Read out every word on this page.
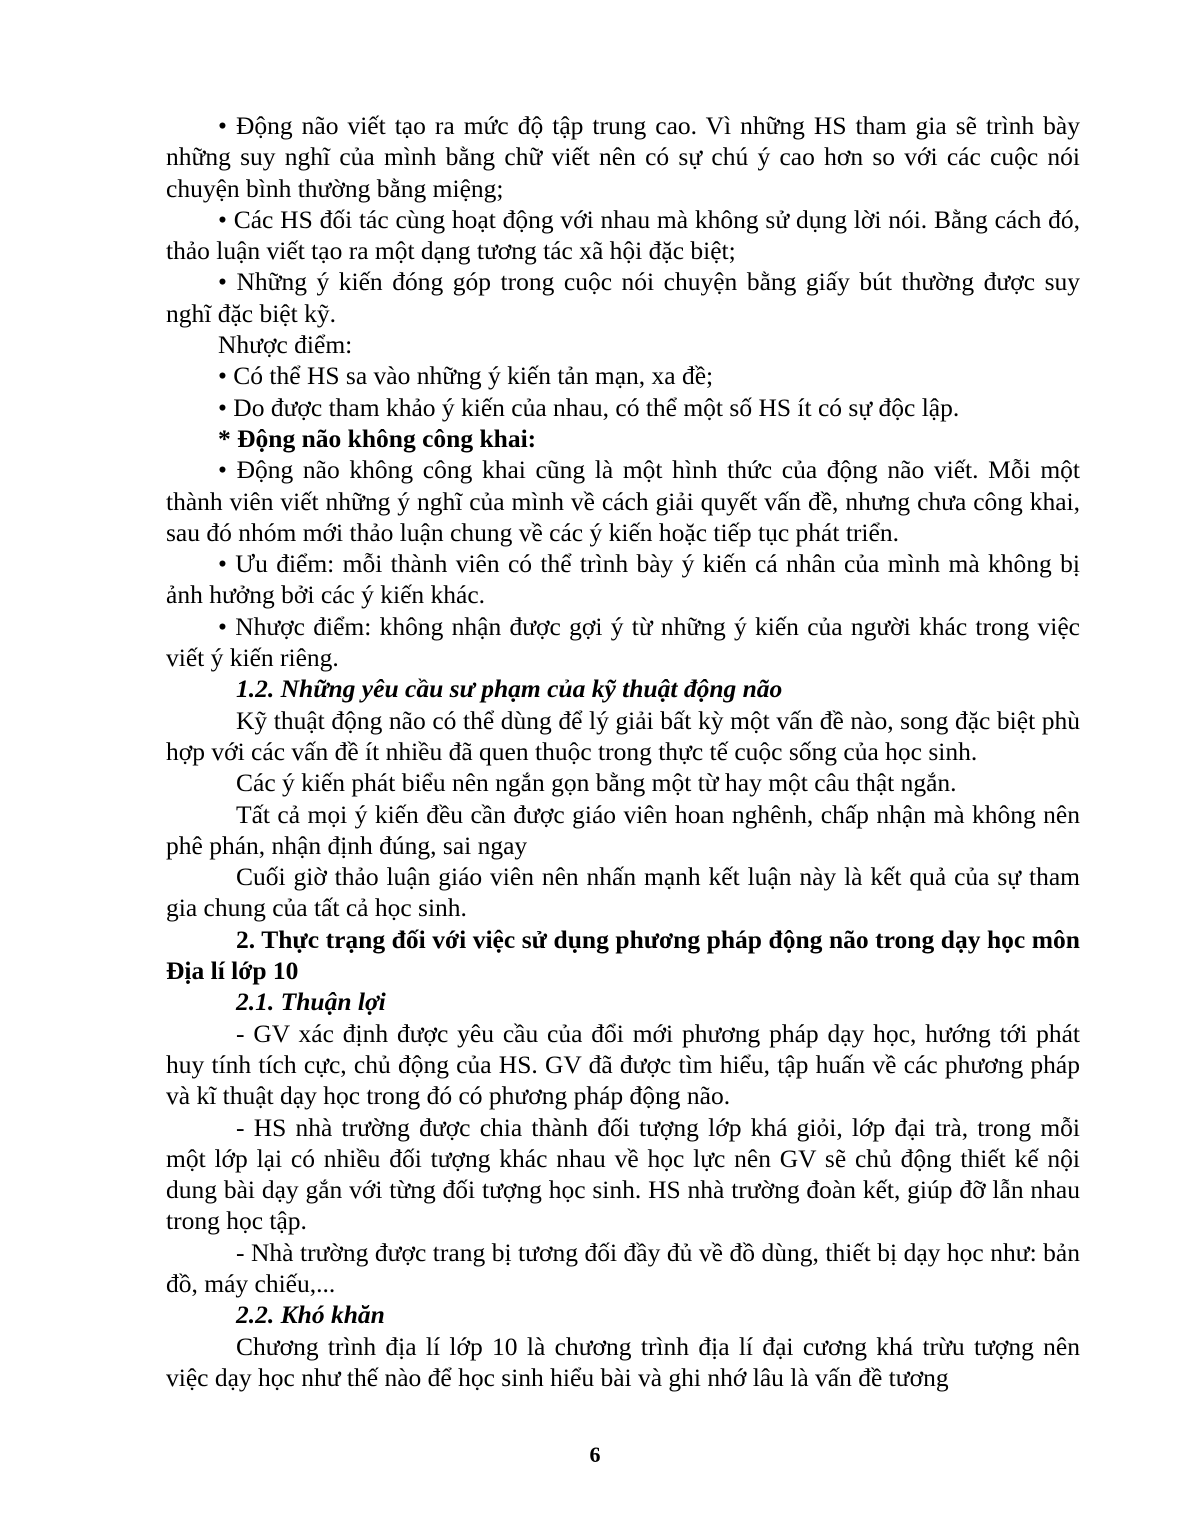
• Động não viết tạo ra mức độ tập trung cao. Vì những HS tham gia sẽ trình bày những suy nghĩ của mình bằng chữ viết nên có sự chú ý cao hơn so với các cuộc nói chuyện bình thường bằng miệng;

• Các HS đối tác cùng hoạt động với nhau mà không sử dụng lời nói. Bằng cách đó, thảo luận viết tạo ra một dạng tương tác xã hội đặc biệt;

• Những ý kiến đóng góp trong cuộc nói chuyện bằng giấy bút thường được suy nghĩ đặc biệt kỹ.

Nhược điểm:

• Có thể HS sa vào những ý kiến tản mạn, xa đề;

• Do được tham khảo ý kiến của nhau, có thể một số HS ít có sự độc lập.

* Động não không công khai:

• Động não không công khai cũng là một hình thức của động não viết. Mỗi một thành viên viết những ý nghĩ của mình về cách giải quyết vấn đề, nhưng chưa công khai, sau đó nhóm mới thảo luận chung về các ý kiến hoặc tiếp tục phát triển.

• Ưu điểm: mỗi thành viên có thể trình bày ý kiến cá nhân của mình mà không bị ảnh hưởng bởi các ý kiến khác.

• Nhược điểm: không nhận được gợi ý từ những ý kiến của người khác trong việc viết ý kiến riêng.

1.2. Những yêu cầu sư phạm của kỹ thuật động não

Kỹ thuật động não có thể dùng để lý giải bất kỳ một vấn đề nào, song đặc biệt phù hợp với các vấn đề ít nhiều đã quen thuộc trong thực tế cuộc sống của học sinh.

Các ý kiến phát biểu nên ngắn gọn bằng một từ hay một câu thật ngắn.

Tất cả mọi ý kiến đều cần được giáo viên hoan nghênh, chấp nhận mà không nên phê phán, nhận định đúng, sai ngay

Cuối giờ thảo luận giáo viên nên nhấn mạnh kết luận này là kết quả của sự tham gia chung của tất cả học sinh.

2. Thực trạng đối với việc sử dụng phương pháp động não trong dạy học môn Địa lí lớp 10

2.1. Thuận lợi

- GV xác định được yêu cầu của đổi mới phương pháp dạy học, hướng tới phát huy tính tích cực, chủ động của HS. GV đã được tìm hiểu, tập huấn về các phương pháp và kĩ thuật dạy học trong đó có phương pháp động não.

- HS nhà trường được chia thành đối tượng lớp khá giỏi, lớp đại trà, trong mỗi một lớp lại có nhiều đối tượng khác nhau về học lực nên GV sẽ chủ động thiết kế nội dung bài dạy gắn với từng đối tượng học sinh. HS nhà trường đoàn kết, giúp đỡ lẫn nhau trong học tập.

- Nhà trường được trang bị tương đối đầy đủ về đồ dùng, thiết bị dạy học như: bản đồ, máy chiếu,...

2.2. Khó khăn

Chương trình địa lí lớp 10 là chương trình địa lí đại cương khá trừu tượng nên việc dạy học như thế nào để học sinh hiểu bài và ghi nhớ lâu là vấn đề tương

6
